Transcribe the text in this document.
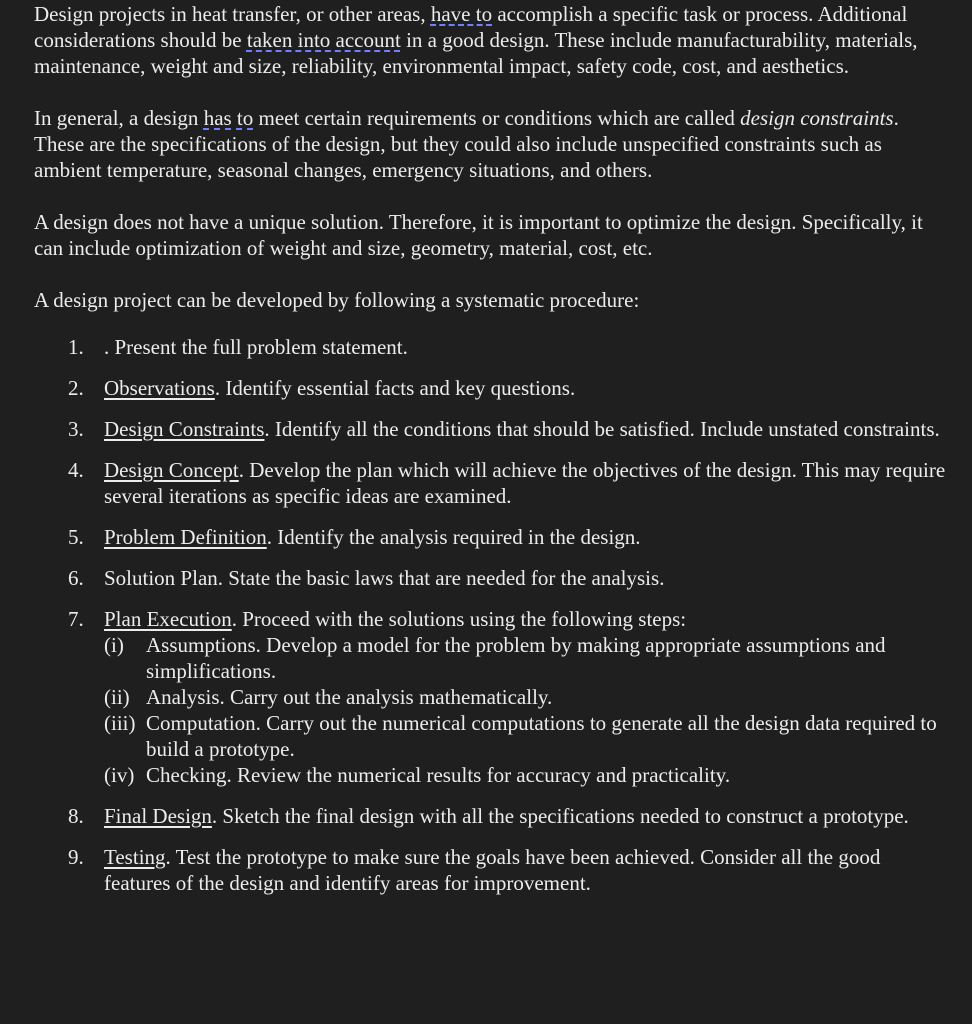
Design projects in heat transfer, or other areas, have to accomplish a specific task or process. Additional considerations should be taken into account in a good design. These include manufacturability, materials, maintenance, weight and size, reliability, environmental impact, safety code, cost, and aesthetics.

In general, a design has to meet certain requirements or conditions which are called design constraints. These are the specifications of the design, but they could also include unspecified constraints such as ambient temperature, seasonal changes, emergency situations, and others.

A design does not have a unique solution. Therefore, it is important to optimize the design. Specifically, it can include optimization of weight and size, geometry, material, cost, etc.

A design project can be developed by following a systematic procedure:

1. . Present the full problem statement.
2. Observations. Identify essential facts and key questions.
3. Design Constraints. Identify all the conditions that should be satisfied. Include unstated constraints.
4. Design Concept. Develop the plan which will achieve the objectives of the design. This may require several iterations as specific ideas are examined.
5. Problem Definition. Identify the analysis required in the design.
6. Solution Plan. State the basic laws that are needed for the analysis.
7. Plan Execution. Proceed with the solutions using the following steps:
(i) Assumptions. Develop a model for the problem by making appropriate assumptions and simplifications.
(ii) Analysis. Carry out the analysis mathematically.
(iii) Computation. Carry out the numerical computations to generate all the design data required to build a prototype.
(iv) Checking. Review the numerical results for accuracy and practicality.
8. Final Design. Sketch the final design with all the specifications needed to construct a prototype.
9. Testing. Test the prototype to make sure the goals have been achieved. Consider all the good features of the design and identify areas for improvement.
